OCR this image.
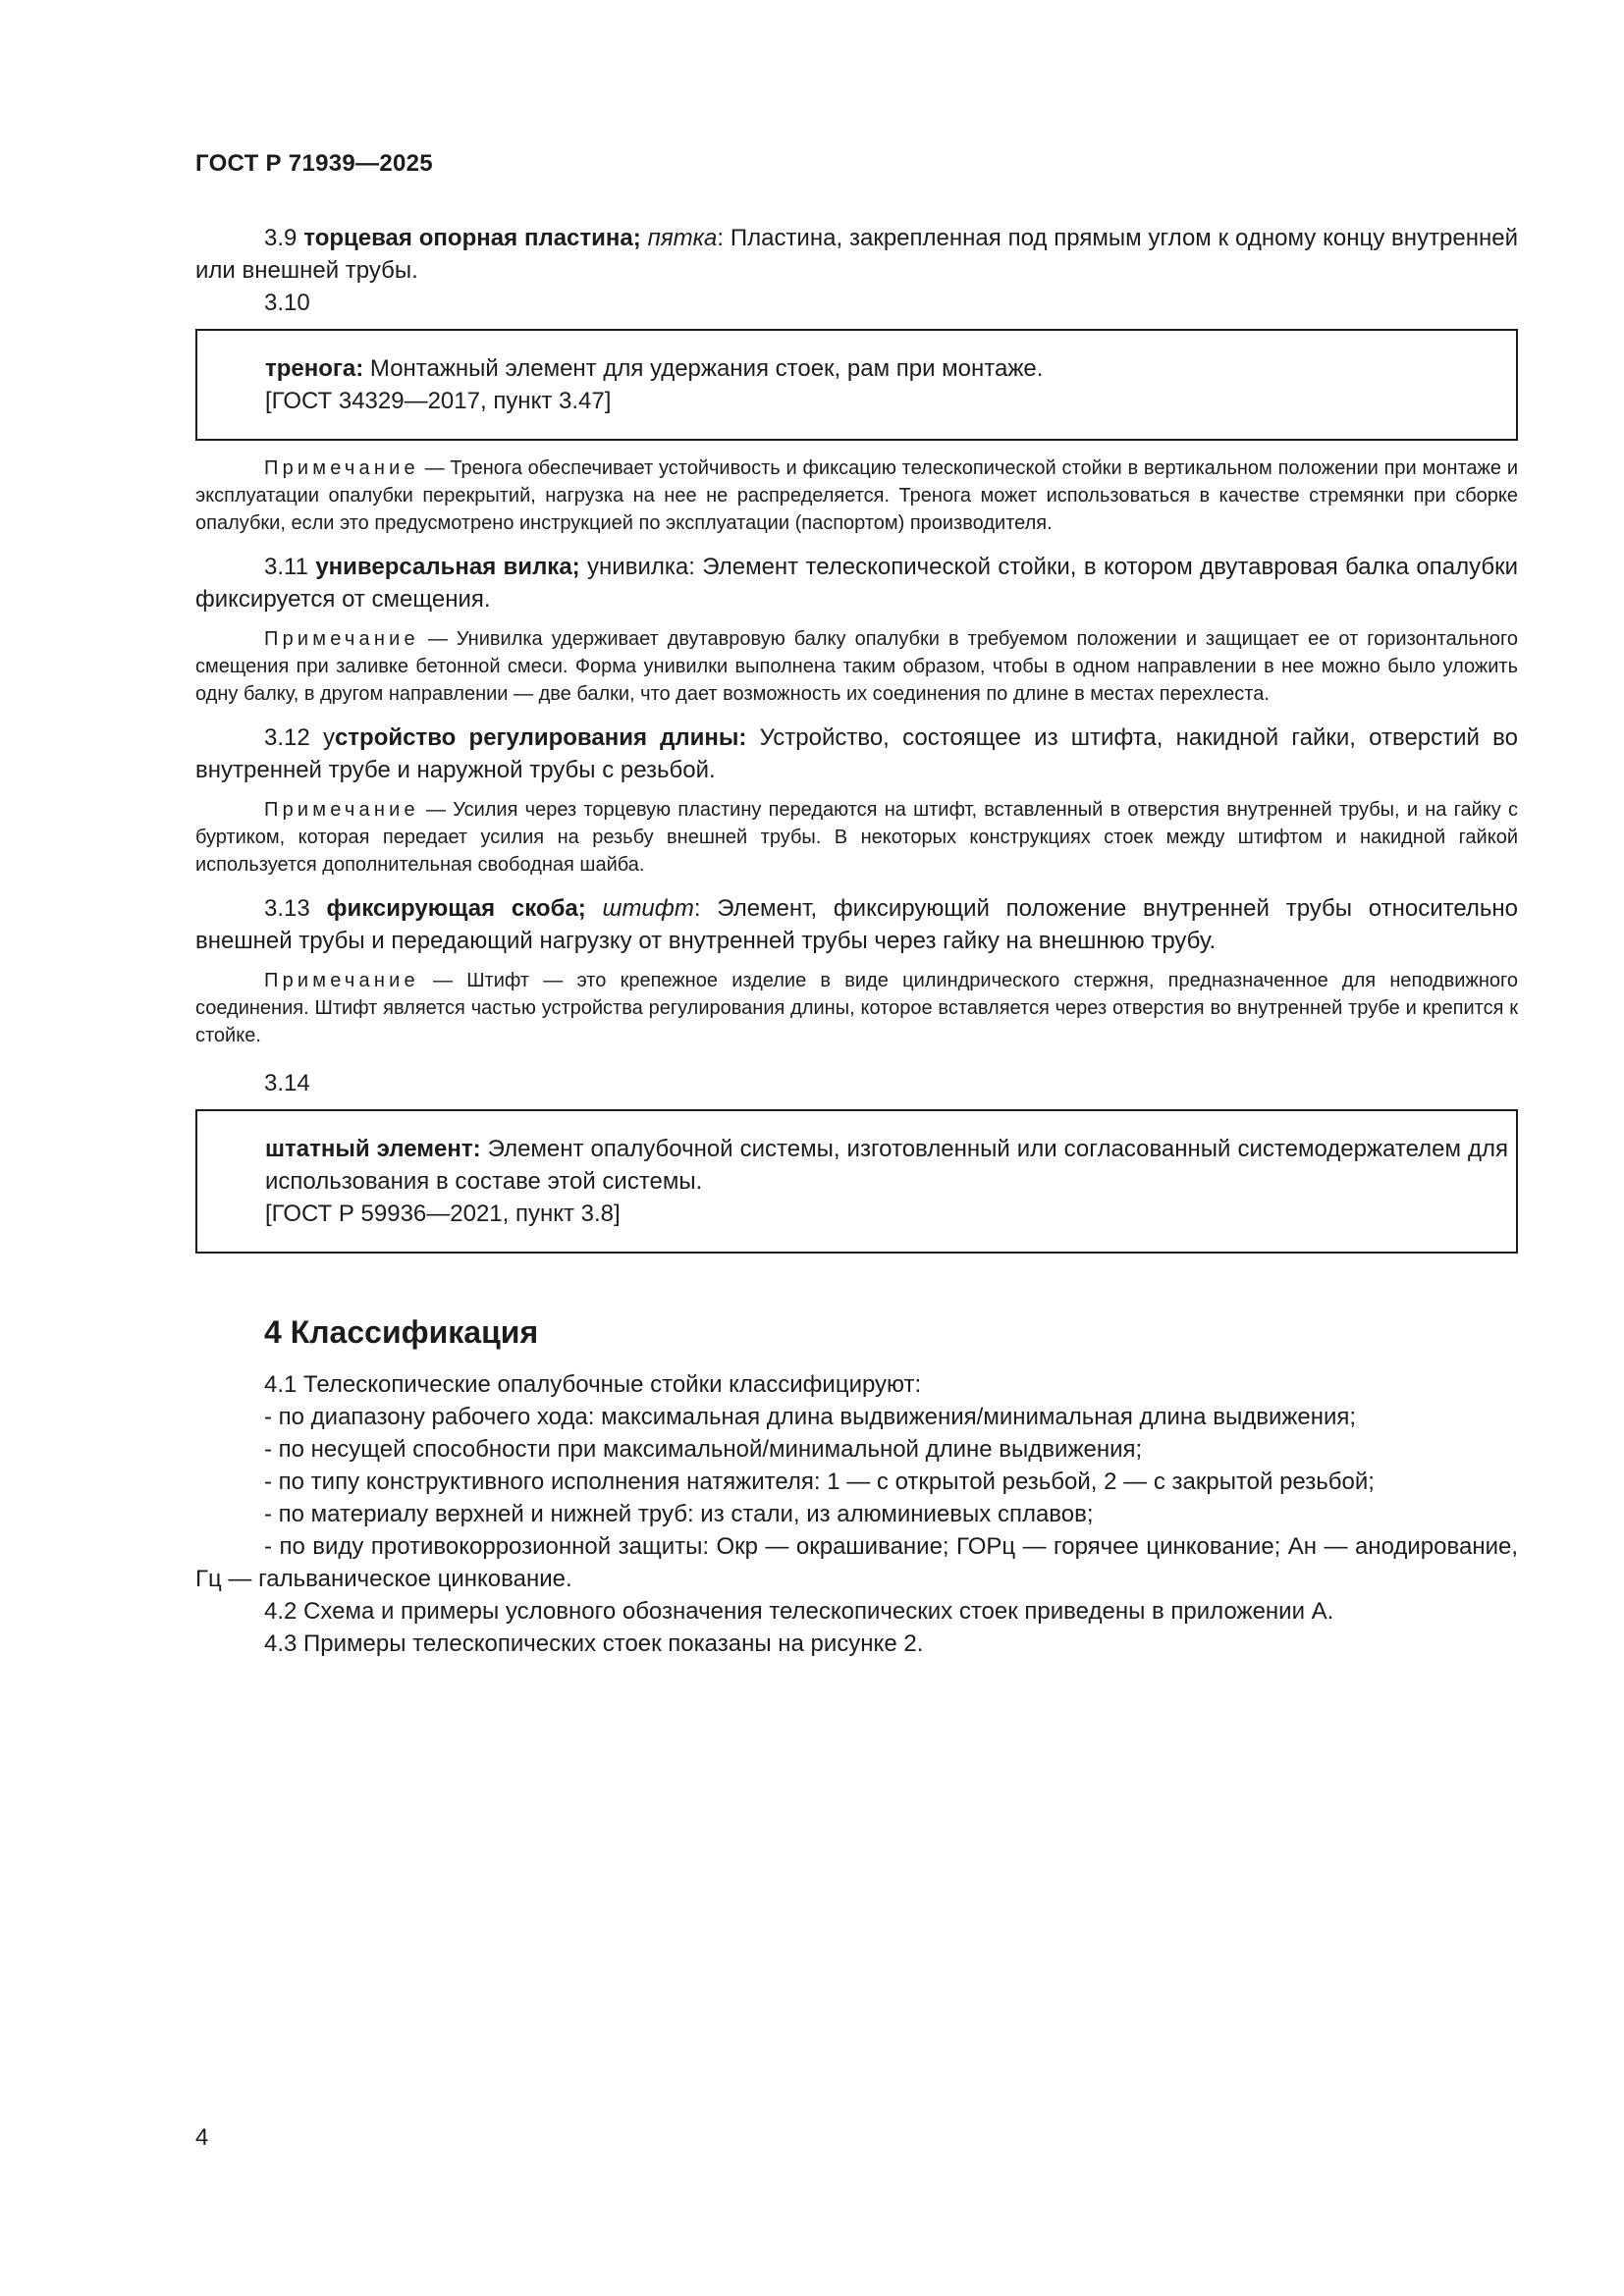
ГОСТ Р 71939—2025

3.9 торцевая опорная пластина; пятка: Пластина, закрепленная под прямым углом к одному концу внутренней или внешней трубы.

3.10

тренога: Монтажный элемент для удержания стоек, рам при монтаже.

[ГОСТ 34329—2017, пункт 3.47]

Примечание — Тренога обеспечивает устойчивость и фиксацию телескопической стойки в вертикальном положении при монтаже и эксплуатации опалубки перекрытий, нагрузка на нее не распределяется. Тренога может использоваться в качестве стремянки при сборке опалубки, если это предусмотрено инструкцией по эксплуатации (паспортом) производителя.

3.11 универсальная вилка; унивилка: Элемент телескопической стойки, в котором двутавровая балка опалубки фиксируется от смещения.

Примечание — Унивилка удерживает двутавровую балку опалубки в требуемом положении и защищает ее от горизонтального смещения при заливке бетонной смеси. Форма унивилки выполнена таким образом, чтобы в одном направлении в нее можно было уложить одну балку, в другом направлении — две балки, что дает возможность их соединения по длине в местах перехлеста.

3.12 устройство регулирования длины: Устройство, состоящее из штифта, накидной гайки, отверстий во внутренней трубе и наружной трубы с резьбой.

Примечание — Усилия через торцевую пластину передаются на штифт, вставленный в отверстия внутренней трубы, и на гайку с буртиком, которая передает усилия на резьбу внешней трубы. В некоторых конструкциях стоек между штифтом и накидной гайкой используется дополнительная свободная шайба.

3.13 фиксирующая скоба; штифт: Элемент, фиксирующий положение внутренней трубы относительно внешней трубы и передающий нагрузку от внутренней трубы через гайку на внешнюю трубу.

Примечание — Штифт — это крепежное изделие в виде цилиндрического стержня, предназначенное для неподвижного соединения. Штифт является частью устройства регулирования длины, которое вставляется через отверстия во внутренней трубе и крепится к стойке.

3.14

штатный элемент: Элемент опалубочной системы, изготовленный или согласованный системодержателем для использования в составе этой системы.

[ГОСТ Р 59936—2021, пункт 3.8]

4 Классификация

4.1 Телескопические опалубочные стойки классифицируют:

- по диапазону рабочего хода: максимальная длина выдвижения/минимальная длина выдвижения;

- по несущей способности при максимальной/минимальной длине выдвижения;

- по типу конструктивного исполнения натяжителя: 1 — с открытой резьбой, 2 — с закрытой резьбой;

- по материалу верхней и нижней труб: из стали, из алюминиевых сплавов;

- по виду противокоррозионной защиты: Окр — окрашивание; ГОРц — горячее цинкование; Ан — анодирование, Гц — гальваническое цинкование.

4.2 Схема и примеры условного обозначения телескопических стоек приведены в приложении А.

4.3 Примеры телескопических стоек показаны на рисунке 2.

4
